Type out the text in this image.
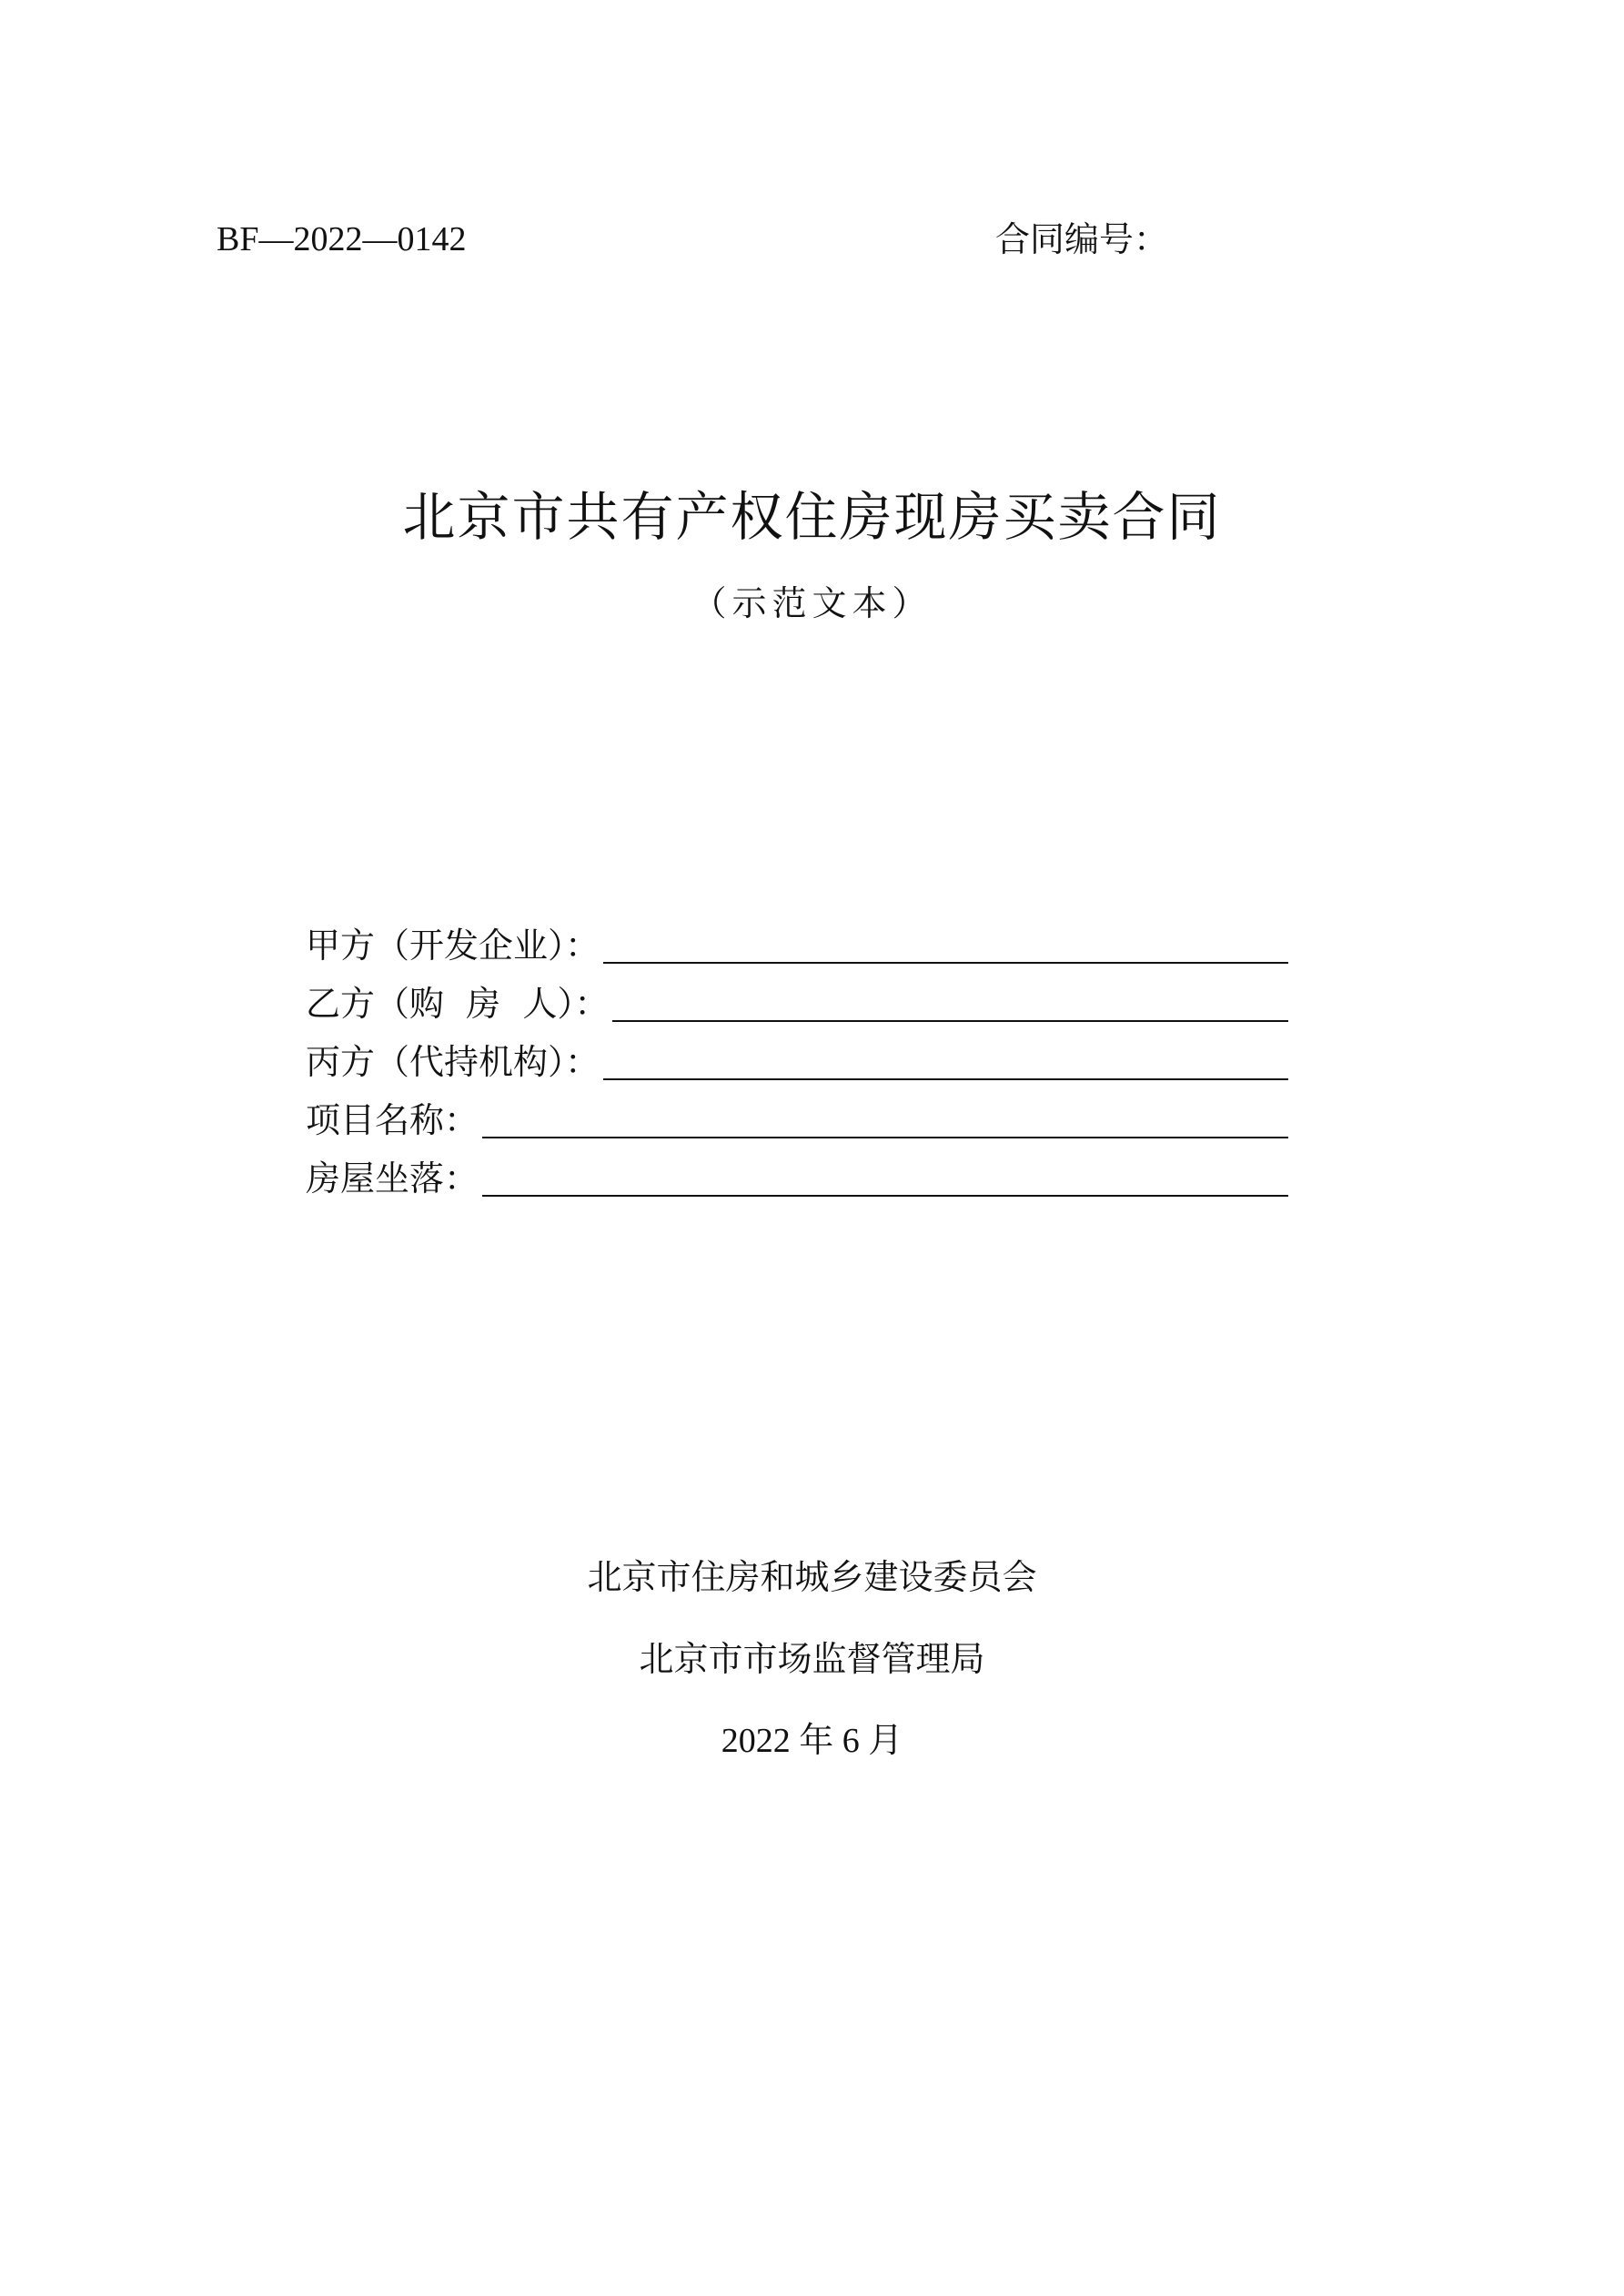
BF—2022—0142	合同编号：
北京市共有产权住房现房买卖合同
（示范文本）
甲方（开发企业）：
乙方（购  房  人）：
丙方（代持机构）：
项目名称：
房屋坐落：
北京市住房和城乡建设委员会
北京市市场监督管理局
2022 年 6 月
